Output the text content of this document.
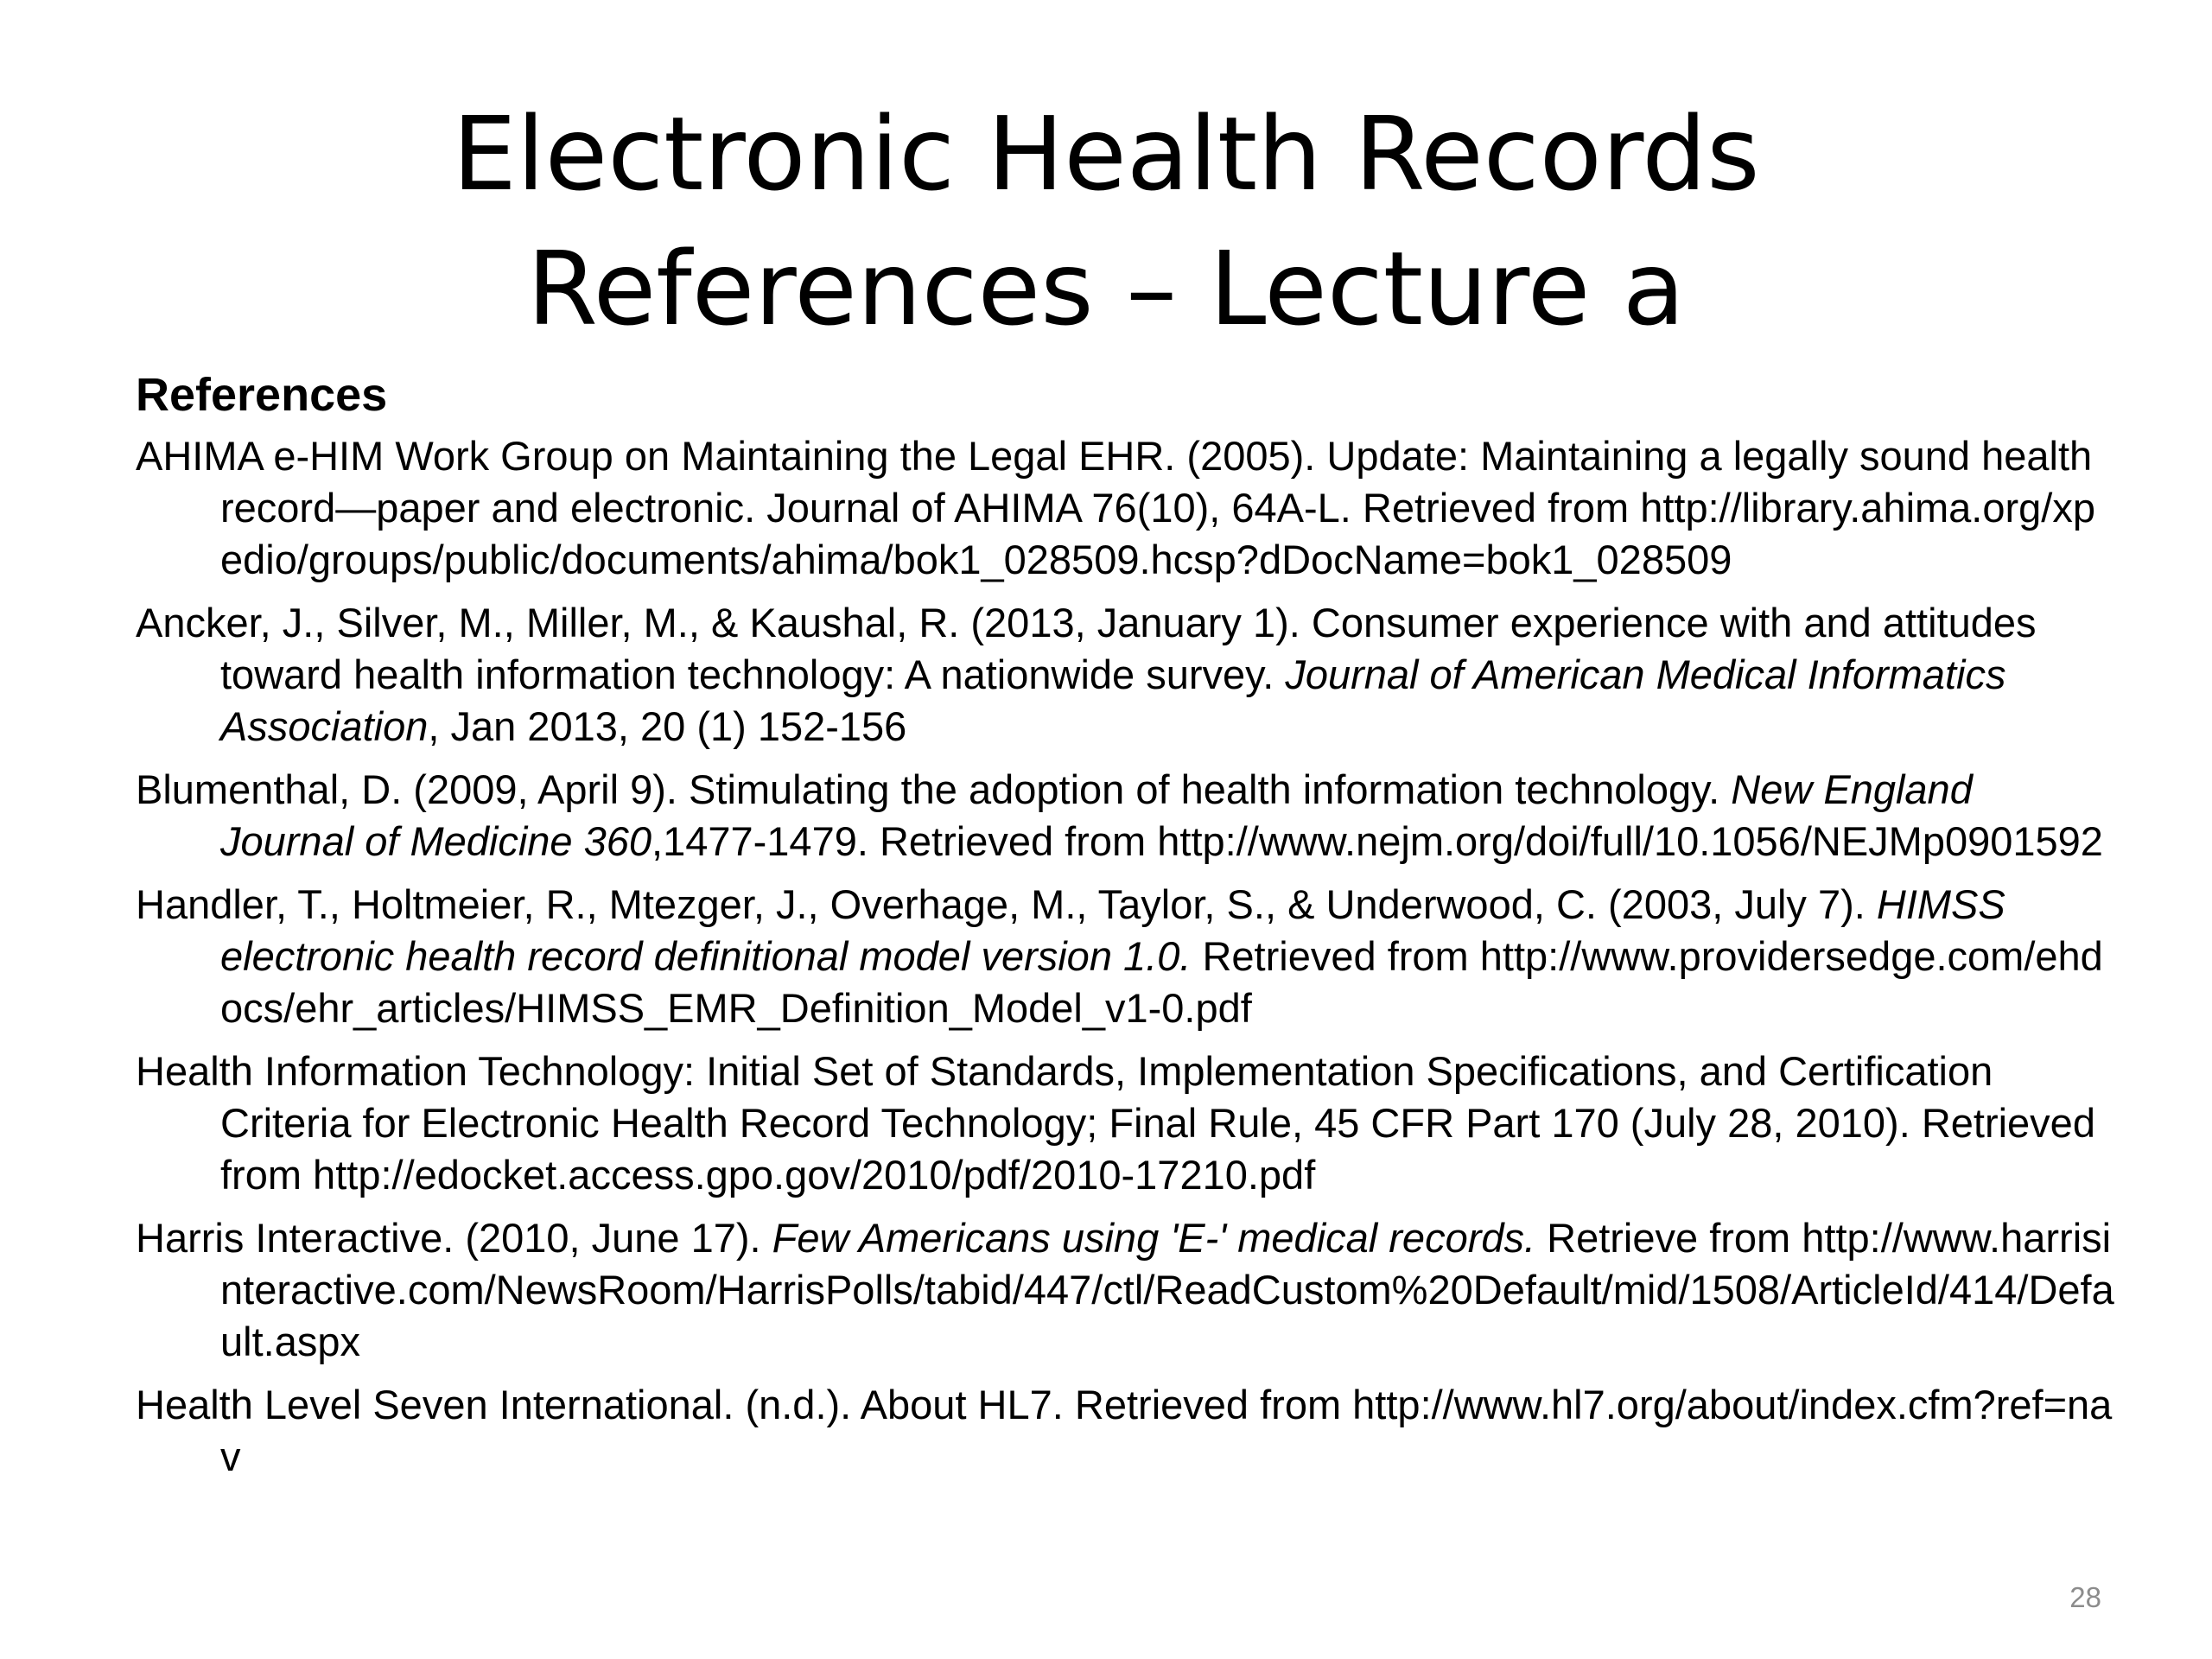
Electronic Health Records
References – Lecture a
References
AHIMA e-HIM Work Group on Maintaining the Legal EHR. (2005). Update: Maintaining a legally sound health record—paper and electronic. Journal of AHIMA 76(10), 64A-L. Retrieved from http://library.ahima.org/xpedio/groups/public/documents/ahima/bok1_028509.hcsp?dDocName=bok1_028509
Ancker, J., Silver, M., Miller, M., & Kaushal, R. (2013, January 1). Consumer experience with and attitudes toward health information technology: A nationwide survey. Journal of American Medical Informatics Association, Jan 2013, 20 (1) 152-156
Blumenthal, D. (2009, April 9). Stimulating the adoption of health information technology. New England Journal of Medicine 360,1477-1479. Retrieved from http://www.nejm.org/doi/full/10.1056/NEJMp0901592
Handler, T., Holtmeier, R., Mtezger, J., Overhage, M., Taylor, S., & Underwood, C. (2003, July 7). HIMSS electronic health record definitional model version 1.0. Retrieved from http://www.providersedge.com/ehdocs/ehr_articles/HIMSS_EMR_Definition_Model_v1-0.pdf
Health Information Technology: Initial Set of Standards, Implementation Specifications, and Certification Criteria for Electronic Health Record Technology; Final Rule, 45 CFR Part 170 (July 28, 2010). Retrieved from http://edocket.access.gpo.gov/2010/pdf/2010-17210.pdf
Harris Interactive. (2010, June 17). Few Americans using 'E-' medical records. Retrieve from http://www.harrisinteractive.com/NewsRoom/HarrisPolls/tabid/447/ctl/ReadCustom%20Default/mid/1508/ArticleId/414/Default.aspx
Health Level Seven International. (n.d.). About HL7. Retrieved from http://www.hl7.org/about/index.cfm?ref=nav
28
